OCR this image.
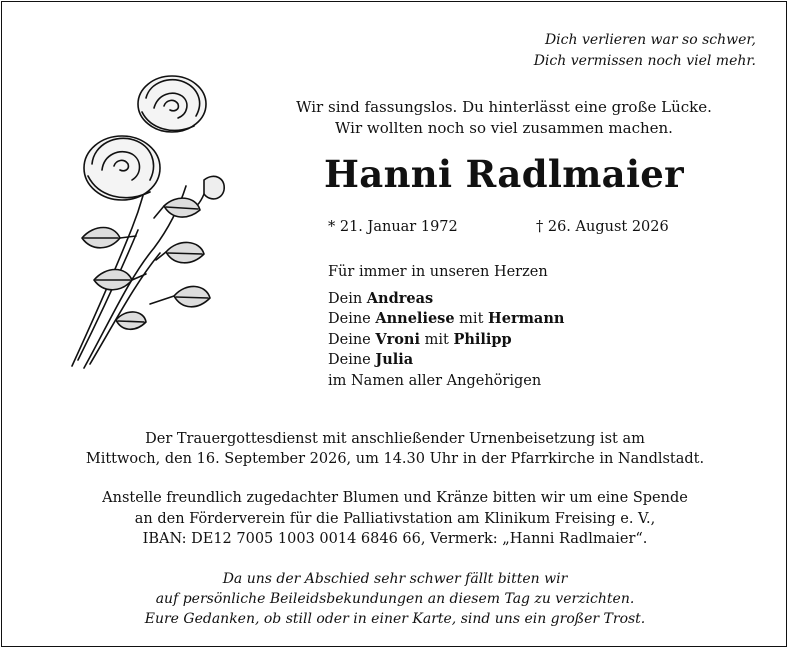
Dich verlieren war so schwer,
Dich vermissen noch viel mehr.
Wir sind fassungslos. Du hinterlässt eine große Lücke.
Wir wollten noch so viel zusammen machen.
Hanni Radlmaier
* 21. Januar 1972	† 26. August 2026
Für immer in unseren Herzen
Dein Andreas
Deine Anneliese mit Hermann
Deine Vroni mit Philipp
Deine Julia
im Namen aller Angehörigen
Der Trauergottesdienst mit anschließender Urnenbeisetzung ist am
Mittwoch, den 16. September 2026, um 14.30 Uhr in der Pfarrkirche in Nandlstadt.
Anstelle freundlich zugedachter Blumen und Kränze bitten wir um eine Spende
an den Förderverein für die Palliativstation am Klinikum Freising e. V.,
IBAN: DE12 7005 1003 0014 6846 66, Vermerk: „Hanni Radlmaier“.
Da uns der Abschied sehr schwer fällt bitten wir
auf persönliche Beileidsbekundungen an diesem Tag zu verzichten.
Eure Gedanken, ob still oder in einer Karte, sind uns ein großer Trost.
